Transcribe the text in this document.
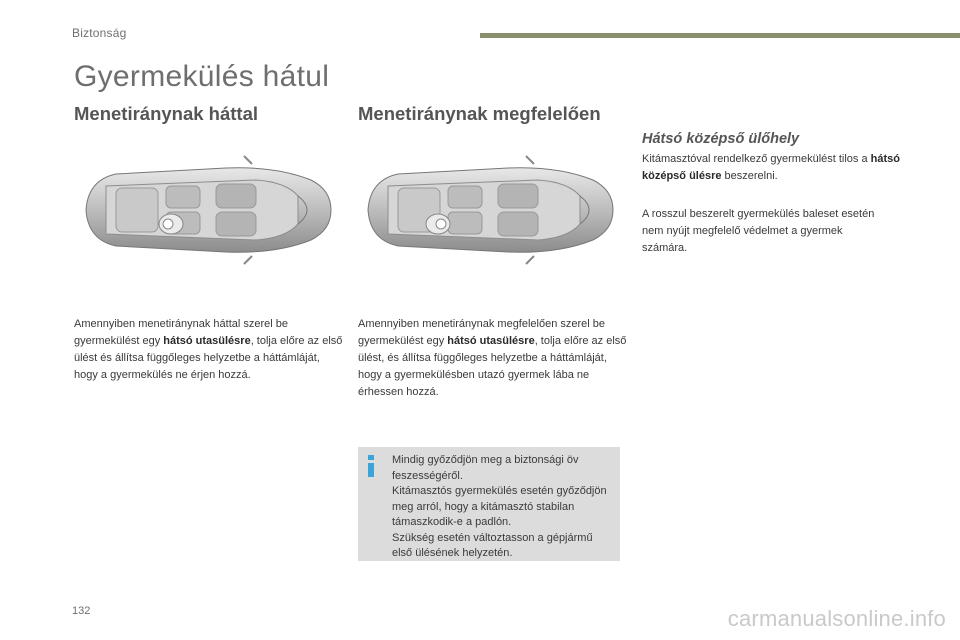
Biztonság
Gyermekülés hátul
Menetiránynak háttal
Amennyiben menetiránynak háttal szerel be gyermekülést egy hátsó utasülésre, tolja előre az első ülést és állítsa függőleges helyzetbe a háttámláját, hogy a gyermekülés ne érjen hozzá.
Menetiránynak megfelelően
Amennyiben menetiránynak megfelelően szerel be gyermekülést egy hátsó utasülésre, tolja előre az első ülést, és állítsa függőleges helyzetbe a háttámláját, hogy a gyermekülésben utazó gyermek lába ne érhessen hozzá.
Mindig győződjön meg a biztonsági öv feszességéről.
Kitámasztós gyermekülés esetén győződjön meg arról, hogy a kitámasztó stabilan támaszkodik-e a padlón.
Szükség esetén változtasson a gépjármű első ülésének helyzetén.
Hátsó középső ülőhely
Kitámasztóval rendelkező gyermekülést tilos a hátsó középső ülésre beszerelni.
A rosszul beszerelt gyermekülés baleset esetén nem nyújt megfelelő védelmet a gyermek számára.
132	carmanualsonline.info
